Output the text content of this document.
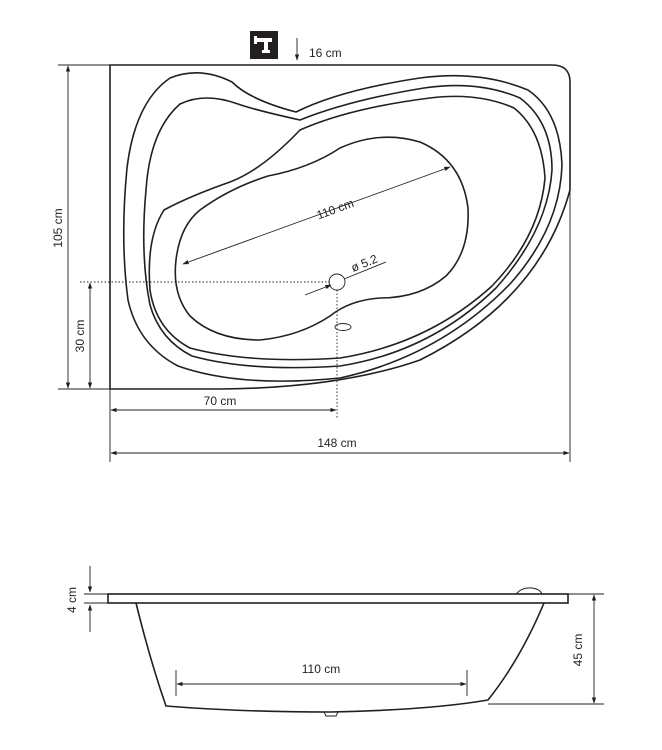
16 cm
110 cm
ø 5.2
105 cm
30 cm
70 cm
148 cm
4 cm
110 cm
45 cm
